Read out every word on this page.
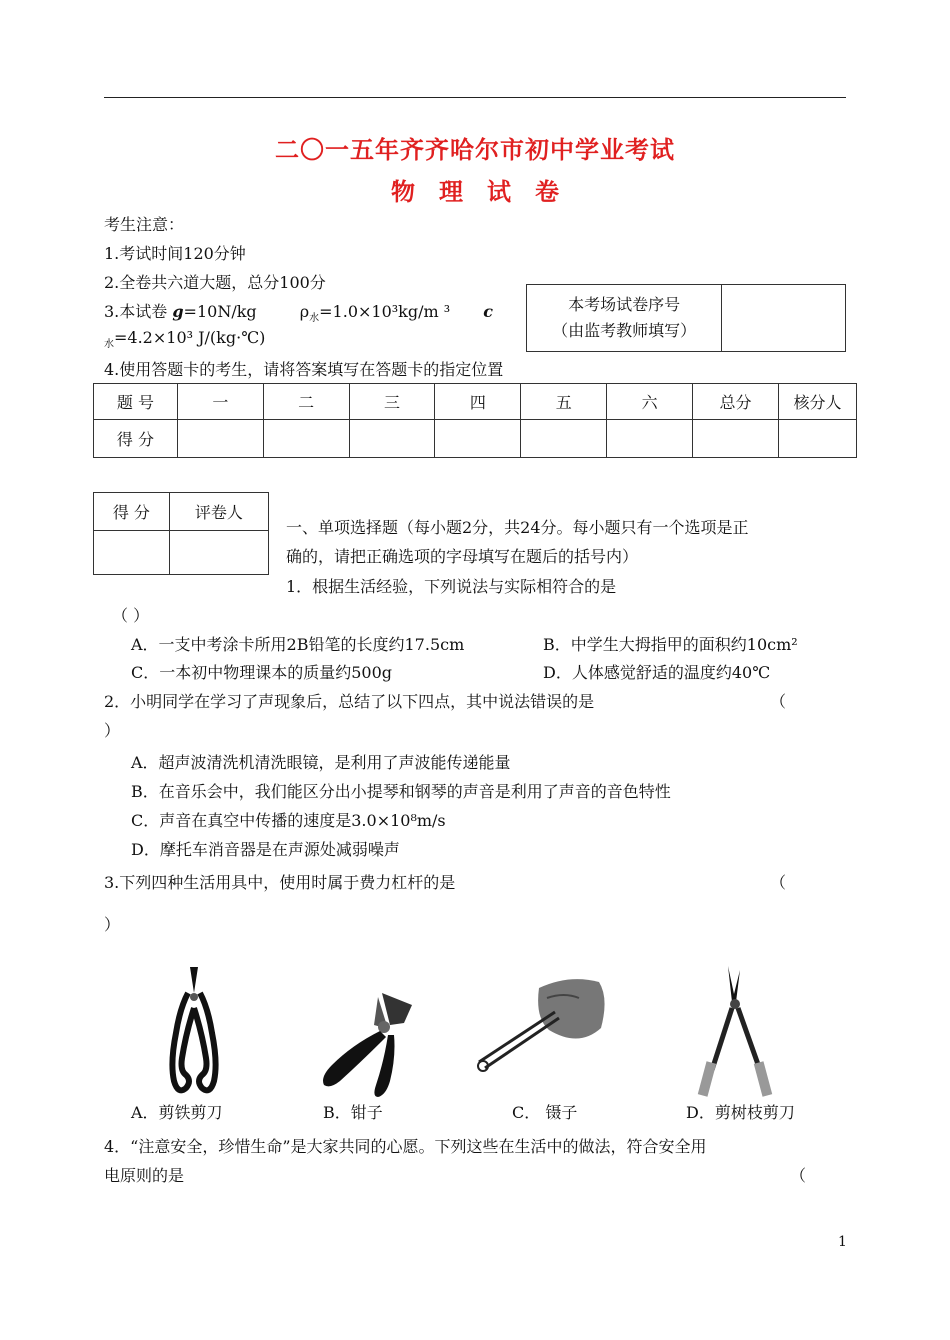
二〇一五年齐齐哈尔市初中学业考试
物 理 试 卷
考生注意：
1.考试时间120分钟
2.全卷共六道大题，总分100分
3.本试卷 g=10N/kg	$\rho_水=1.0\times 10^3kg/m$ ³ c
$_水$=4.2×10³ J/(kg·℃)
4.使用答题卡的考生，请将答案填写在答题卡的指定位置
本考场试卷序号
（由监考教师填写）

题 号	一	二	三	四	五	六	总分	核分人
得 分								
得 分	评卷人

一、单项选择题（每小题2分，共24分。每小题只有一个选项是正
确的，请把正确选项的字母填写在题后的括号内）
1．根据生活经验，下列说法与实际相符合的是
（ ）
A．一支中考涂卡所用2B铅笔的长度约17.5cm	B．中学生大拇指甲的面积约10cm²
C．一本初中物理课本的质量约500g	D．人体感觉舒适的温度约40℃
2．小明同学在学习了声现象后，总结了以下四点，其中说法错误的是	（
）
A．超声波清洗机清洗眼镜，是利用了声波能传递能量
B．在音乐会中，我们能区分出小提琴和钢琴的声音是利用了声音的音色特性
C．声音在真空中传播的速度是3.0×10⁸m/s
D．摩托车消音器是在声源处减弱噪声
3.下列四种生活用具中，使用时属于费力杠杆的是	（
）
A．剪铁剪刀	B．钳子	C． 镊子	D．剪树枝剪刀
4．“注意安全，珍惜生命”是大家共同的心愿。下列这些在生活中的做法，符合安全用
电原则的是	（
1
